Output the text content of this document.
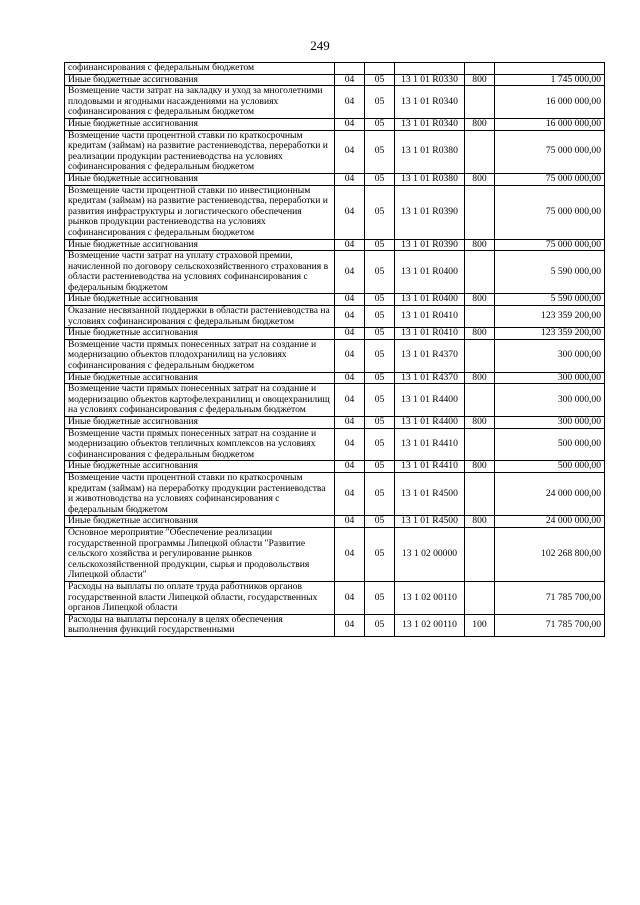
249
софинансирования с федеральным бюджетом					
Иные бюджетные ассигнования	04	05	13 1 01 R0330	800	1 745 000,00
Возмещение части затрат на закладку и уход за многолетними плодовыми и ягодными насаждениями на условиях софинансирования с федеральным бюджетом	04	05	13 1 01 R0340		16 000 000,00
Иные бюджетные ассигнования	04	05	13 1 01 R0340	800	16 000 000,00
Возмещение части процентной ставки по краткосрочным кредитам (займам) на развитие растениеводства, переработки и реализации продукции растениеводства на условиях софинансирования с федеральным бюджетом	04	05	13 1 01 R0380		75 000 000,00
Иные бюджетные ассигнования	04	05	13 1 01 R0380	800	75 000 000,00
Возмещение части процентной ставки по инвестиционным кредитам (займам) на развитие растениеводства, переработки и развития инфраструктуры и логистического обеспечения рынков продукции растениеводства на условиях софинансирования с федеральным бюджетом	04	05	13 1 01 R0390		75 000 000,00
Иные бюджетные ассигнования	04	05	13 1 01 R0390	800	75 000 000,00
Возмещение части затрат на уплату страховой премии, начисленной по договору сельскохозяйственного страхования в области растениеводства на условиях софинансирования с федеральным бюджетом	04	05	13 1 01 R0400		5 590 000,00
Иные бюджетные ассигнования	04	05	13 1 01 R0400	800	5 590 000,00
Оказание несвязанной поддержки в области растениеводства на условиях софинансирования с федеральным бюджетом	04	05	13 1 01 R0410		123 359 200,00
Иные бюджетные ассигнования	04	05	13 1 01 R0410	800	123 359 200,00
Возмещение части прямых понесенных затрат на создание и модернизацию объектов плодохранилищ на условиях софинансирования с федеральным бюджетом	04	05	13 1 01 R4370		300 000,00
Иные бюджетные ассигнования	04	05	13 1 01 R4370	800	300 000,00
Возмещение части прямых понесенных затрат на создание и модернизацию объектов картофелехранилищ и овощехранилищ на условиях софинансирования с федеральным бюджетом	04	05	13 1 01 R4400		300 000,00
Иные бюджетные ассигнования	04	05	13 1 01 R4400	800	300 000,00
Возмещение части прямых понесенных затрат на создание и модернизацию объектов тепличных комплексов на условиях софинансирования с федеральным бюджетом	04	05	13 1 01 R4410		500 000,00
Иные бюджетные ассигнования	04	05	13 1 01 R4410	800	500 000,00
Возмещение части процентной ставки по краткосрочным кредитам (займам) на переработку продукции растениеводства и животноводства на условиях софинансирования с федеральным бюджетом	04	05	13 1 01 R4500		24 000 000,00
Иные бюджетные ассигнования	04	05	13 1 01 R4500	800	24 000 000,00
Основное мероприятие "Обеспечение реализации государственной программы Липецкой области "Развитие сельского хозяйства и регулирование рынков сельскохозяйственной продукции, сырья и продовольствия Липецкой области"	04	05	13 1 02 00000		102 268 800,00
Расходы на выплаты по оплате труда работников органов государственной власти Липецкой области, государственных органов Липецкой области	04	05	13 1 02 00110		71 785 700,00
Расходы на выплаты персоналу в целях обеспечения выполнения функций государственными	04	05	13 1 02 00110	100	71 785 700,00
